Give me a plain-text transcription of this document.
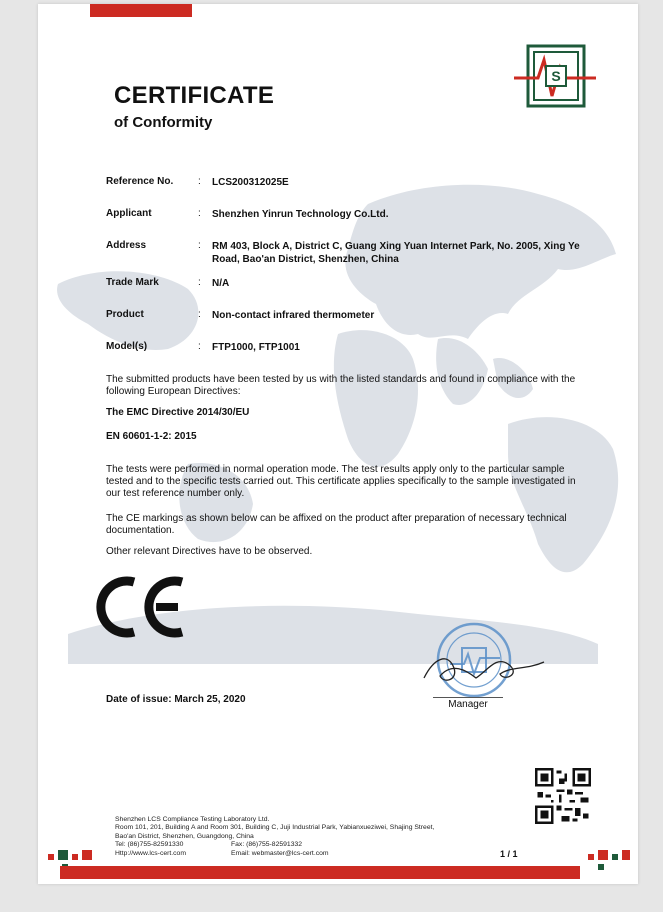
S
CERTIFICATE
of Conformity
Reference No.	: LCS200312025E
Applicant	: Shenzhen Yinrun Technology Co.Ltd.
Address	: RM 403, Block A, District C, Guang Xing Yuan Internet Park, No. 2005, Xing Ye Road, Bao'an District, Shenzhen, China
Trade Mark	: N/A
Product	: Non-contact infrared thermometer
Model(s)	: FTP1000, FTP1001
The submitted products have been tested by us with the listed standards and found in compliance with the following European Directives:
The EMC Directive 2014/30/EU
EN 60601-1-2: 2015
The tests were performed in normal operation mode. The test results apply only to the particular sample tested and to the specific tests carried out. This certificate applies specifically to the sample investigated in our test reference number only.
The CE markings as shown below can be affixed on the product after preparation of necessary technical documentation.
Other relevant Directives have to be observed.
Manager
Date of issue: March 25, 2020
Shenzhen LCS Compliance Testing Laboratory Ltd.
Room 101, 201, Building A and Room 301, Building C, Juji Industrial Park, Yabianxueziwei, Shajing Street,
Bao'an District, Shenzhen, Guangdong, China
Tel: (86)755-82591330	Fax: (86)755-82591332
Http://www.lcs-cert.com	Email: webmaster@lcs-cert.com	1 / 1
